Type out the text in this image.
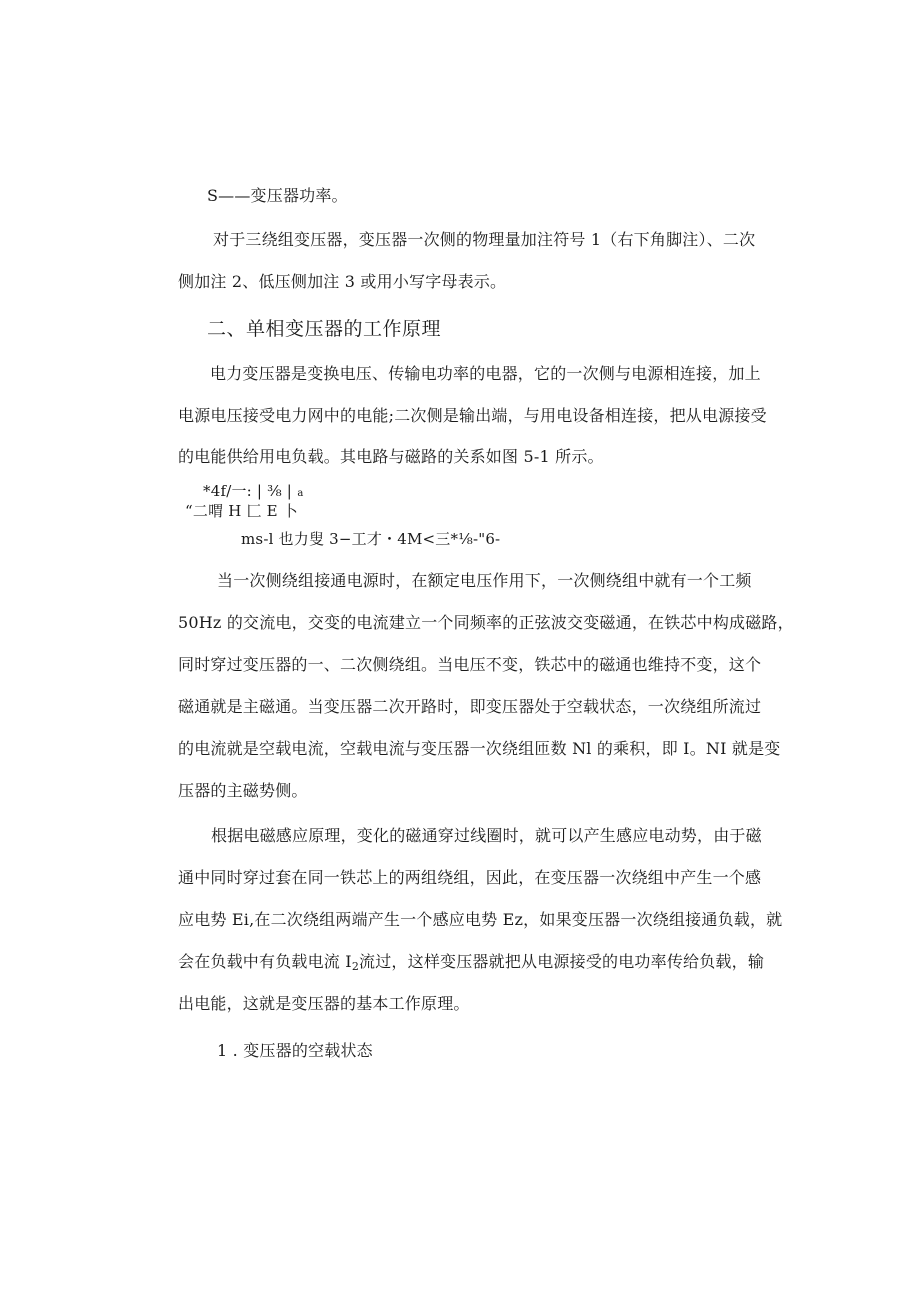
S——变压器功率。
对于三绕组变压器，变压器一次侧的物理量加注符号 1（右下角脚注）、二次
侧加注 2、低压侧加注 3 或用小写字母表示。
二、单相变压器的工作原理
电力变压器是变换电压、传输电功率的电器，它的一次侧与电源相连接，加上
电源电压接受电力网中的电能;二次侧是输出端，与用电设备相连接，把从电源接受
的电能供给用电负载。其电路与磁路的关系如图 5-1 所示。
*4f/一: | ⅜ | a
“二喟 H 匚 E 卜
ms-l 也力叟 3−工才・4M<三*⅛-"6-
当一次侧绕组接通电源时，在额定电压作用下，一次侧绕组中就有一个工频
50Hz 的交流电，交变的电流建立一个同频率的正弦波交变磁通，在铁芯中构成磁路，
同时穿过变压器的一、二次侧绕组。当电压不变，铁芯中的磁通也维持不变，这个
磁通就是主磁通。当变压器二次开路时，即变压器处于空载状态，一次绕组所流过
的电流就是空载电流，空载电流与变压器一次绕组匝数 Nl 的乘积，即 I。NI 就是变
压器的主磁势侧。
根据电磁感应原理，变化的磁通穿过线圈时，就可以产生感应电动势，由于磁
通中同时穿过套在同一铁芯上的两组绕组，因此，在变压器一次绕组中产生一个感
应电势 Ei,在二次绕组两端产生一个感应电势 Ez，如果变压器一次绕组接通负载，就
会在负载中有负载电流 $I_2$流过，这样变压器就把从电源接受的电功率传给负载，输
出电能，这就是变压器的基本工作原理。
1 . 变压器的空载状态
